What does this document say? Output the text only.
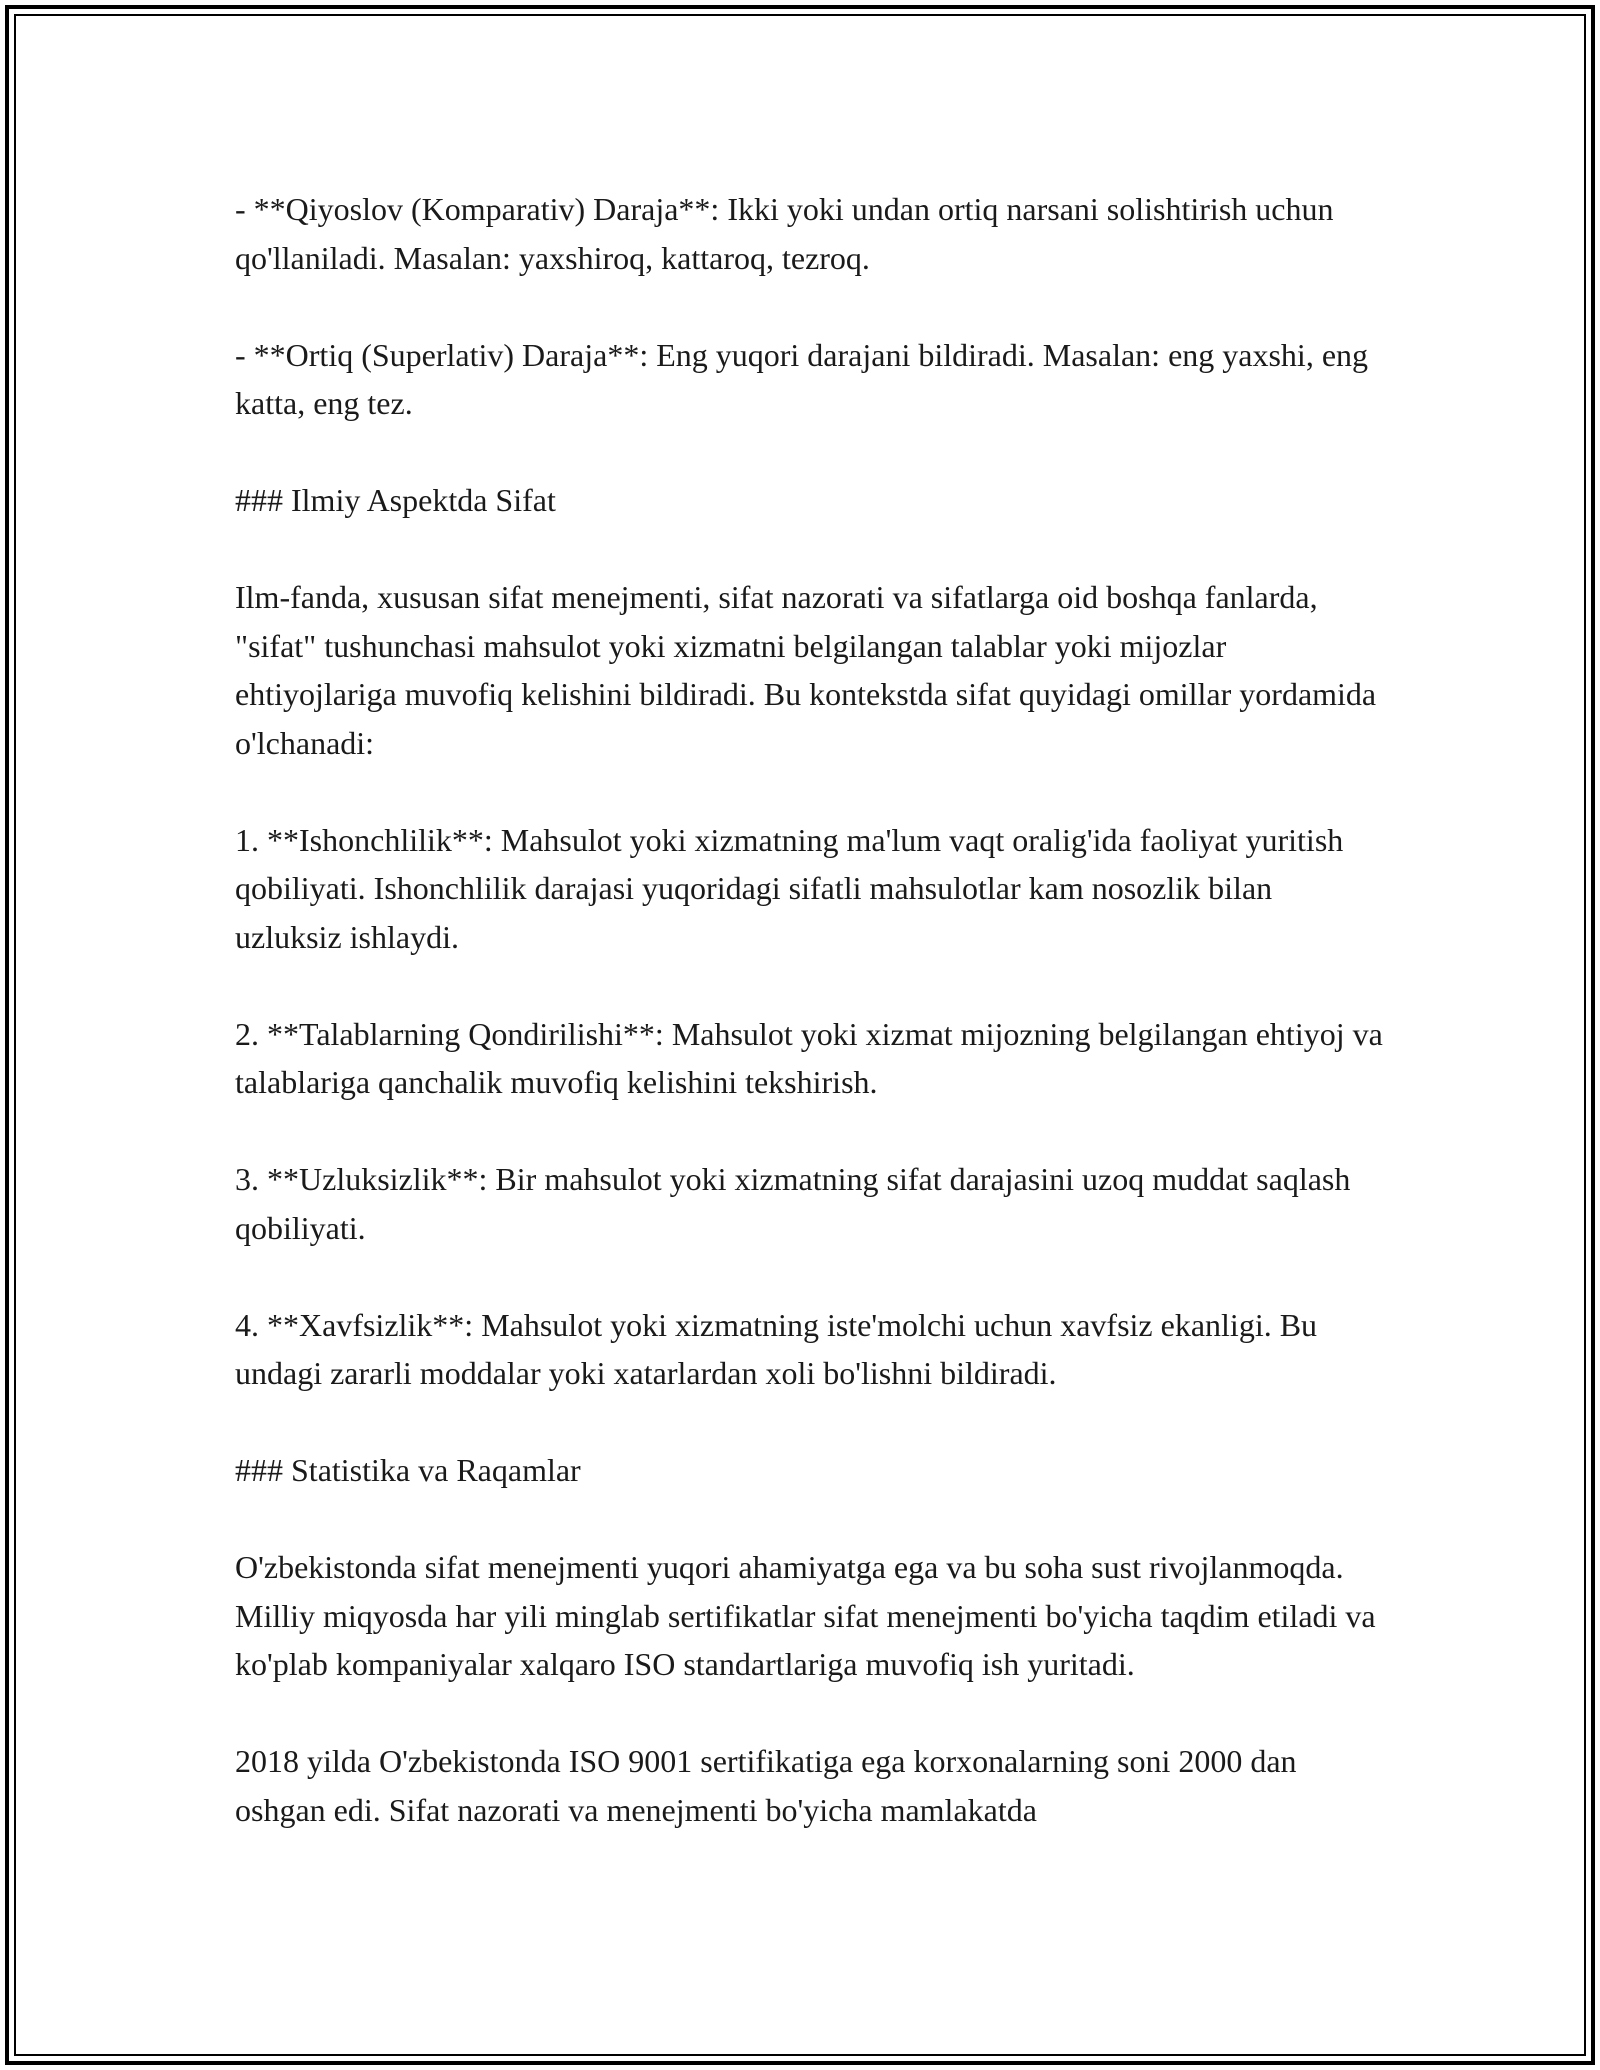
- **Qiyoslov (Komparativ) Daraja**: Ikki yoki undan ortiq narsani solishtirish uchun qo'llaniladi. Masalan: yaxshiroq, kattaroq, tezroq.

- **Ortiq (Superlativ) Daraja**: Eng yuqori darajani bildiradi. Masalan: eng yaxshi, eng katta, eng tez.

### Ilmiy Aspektda Sifat

Ilm-fanda, xususan sifat menejmenti, sifat nazorati va sifatlarga oid boshqa fanlarda, "sifat" tushunchasi mahsulot yoki xizmatni belgilangan talablar yoki mijozlar ehtiyojlariga muvofiq kelishini bildiradi. Bu kontekstda sifat quyidagi omillar yordamida o'lchanadi:

1. **Ishonchlilik**: Mahsulot yoki xizmatning ma'lum vaqt oralig'ida faoliyat yuritish qobiliyati. Ishonchlilik darajasi yuqoridagi sifatli mahsulotlar kam nosozlik bilan uzluksiz ishlaydi.

2. **Talablarning Qondirilishi**: Mahsulot yoki xizmat mijozning belgilangan ehtiyoj va talablariga qanchalik muvofiq kelishini tekshirish.

3. **Uzluksizlik**: Bir mahsulot yoki xizmatning sifat darajasini uzoq muddat saqlash qobiliyati.

4. **Xavfsizlik**: Mahsulot yoki xizmatning iste'molchi uchun xavfsiz ekanligi. Bu undagi zararli moddalar yoki xatarlardan xoli bo'lishni bildiradi.

### Statistika va Raqamlar

O'zbekistonda sifat menejmenti yuqori ahamiyatga ega va bu soha sust rivojlanmoqda. Milliy miqyosda har yili minglab sertifikatlar sifat menejmenti bo'yicha taqdim etiladi va ko'plab kompaniyalar xalqaro ISO standartlariga muvofiq ish yuritadi.

2018 yilda O'zbekistonda ISO 9001 sertifikatiga ega korxonalarning soni 2000 dan oshgan edi. Sifat nazorati va menejmenti bo'yicha mamlakatda
